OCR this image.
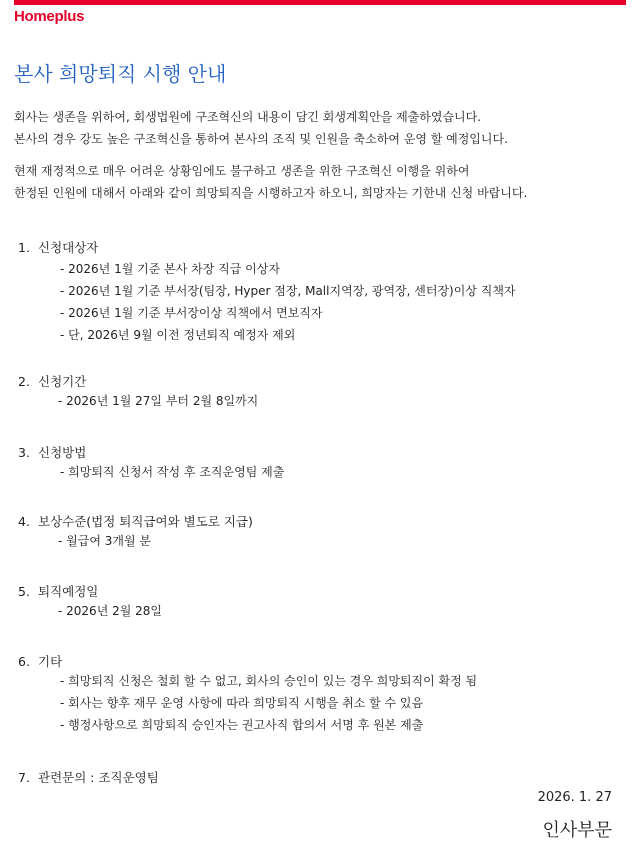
Homeplus
본사 희망퇴직 시행 안내
회사는 생존을 위하여, 회생법원에 구조혁신의 내용이 담긴 회생계획안을 제출하였습니다.
본사의 경우 강도 높은 구조혁신을 통하여 본사의 조직 및 인원을 축소하여 운영 할 예정입니다.
현재 재정적으로 매우 어려운 상황임에도 불구하고 생존을 위한 구조혁신 이행을 위하여
한정된 인원에 대해서 아래와 같이 희망퇴직을 시행하고자 하오니, 희망자는 기한내 신청 바랍니다.
1. 신청대상자
- 2026년 1월 기준 본사 차장 직급 이상자
- 2026년 1월 기준 부서장(팀장, Hyper 점장, Mall지역장, 광역장, 센터장)이상 직책자
- 2026년 1월 기준 부서장이상 직책에서 면보직자
- 단, 2026년 9월 이전 정년퇴직 예정자 제외
2. 신청기간
- 2026년 1월 27일 부터 2월 8일까지
3. 신청방법
- 희망퇴직 신청서 작성 후 조직운영팀 제출
4. 보상수준(법정 퇴직급여와 별도로 지급)
- 월급여 3개월 분
5. 퇴직예정일
- 2026년 2월 28일
6. 기타
- 희망퇴직 신청은 철회 할 수 없고, 회사의 승인이 있는 경우 희망퇴직이 확정 됨
- 회사는 향후 재무 운영 사항에 따라 희망퇴직 시행을 취소 할 수 있음
- 행정사항으로 희망퇴직 승인자는 권고사직 합의서 서명 후 원본 제출
7. 관련문의 : 조직운영팀
2026. 1. 27
인사부문
